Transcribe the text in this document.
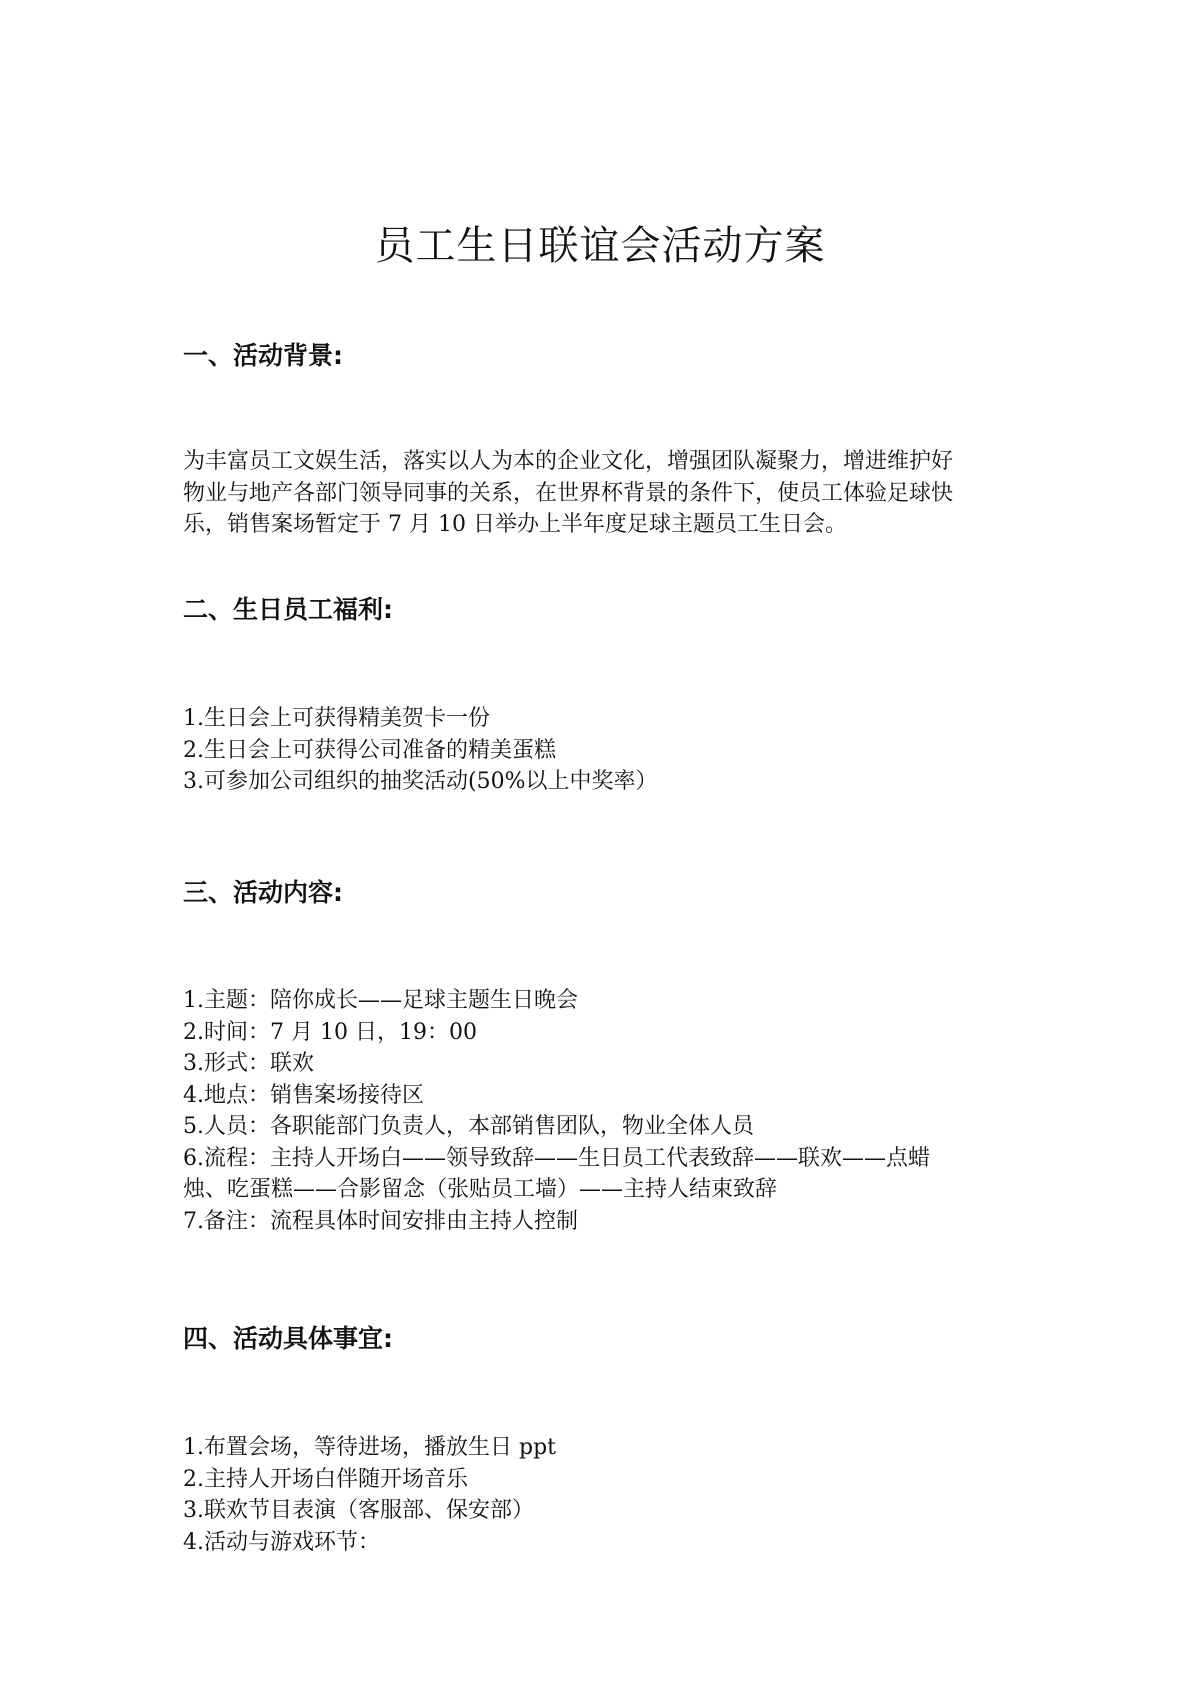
员工生日联谊会活动方案
一、活动背景:
为丰富员工文娱生活，落实以人为本的企业文化，增强团队凝聚力，增进维护好
物业与地产各部门领导同事的关系，在世界杯背景的条件下，使员工体验足球快
乐，销售案场暂定于 7 月 10 日举办上半年度足球主题员工生日会。
二、生日员工福利:
1.生日会上可获得精美贺卡一份
2.生日会上可获得公司准备的精美蛋糕
3.可参加公司组织的抽奖活动(50%以上中奖率）
三、活动内容:
1.主题：陪你成长——足球主题生日晚会
2.时间：7 月 10 日，19：00
3.形式：联欢
4.地点：销售案场接待区
5.人员：各职能部门负责人，本部销售团队，物业全体人员
6.流程：主持人开场白——领导致辞——生日员工代表致辞——联欢——点蜡
烛、吃蛋糕——合影留念（张贴员工墙）——主持人结束致辞
7.备注：流程具体时间安排由主持人控制
四、活动具体事宜:
1.布置会场，等待进场，播放生日 ppt
2.主持人开场白伴随开场音乐
3.联欢节目表演（客服部、保安部）
4.活动与游戏环节：
